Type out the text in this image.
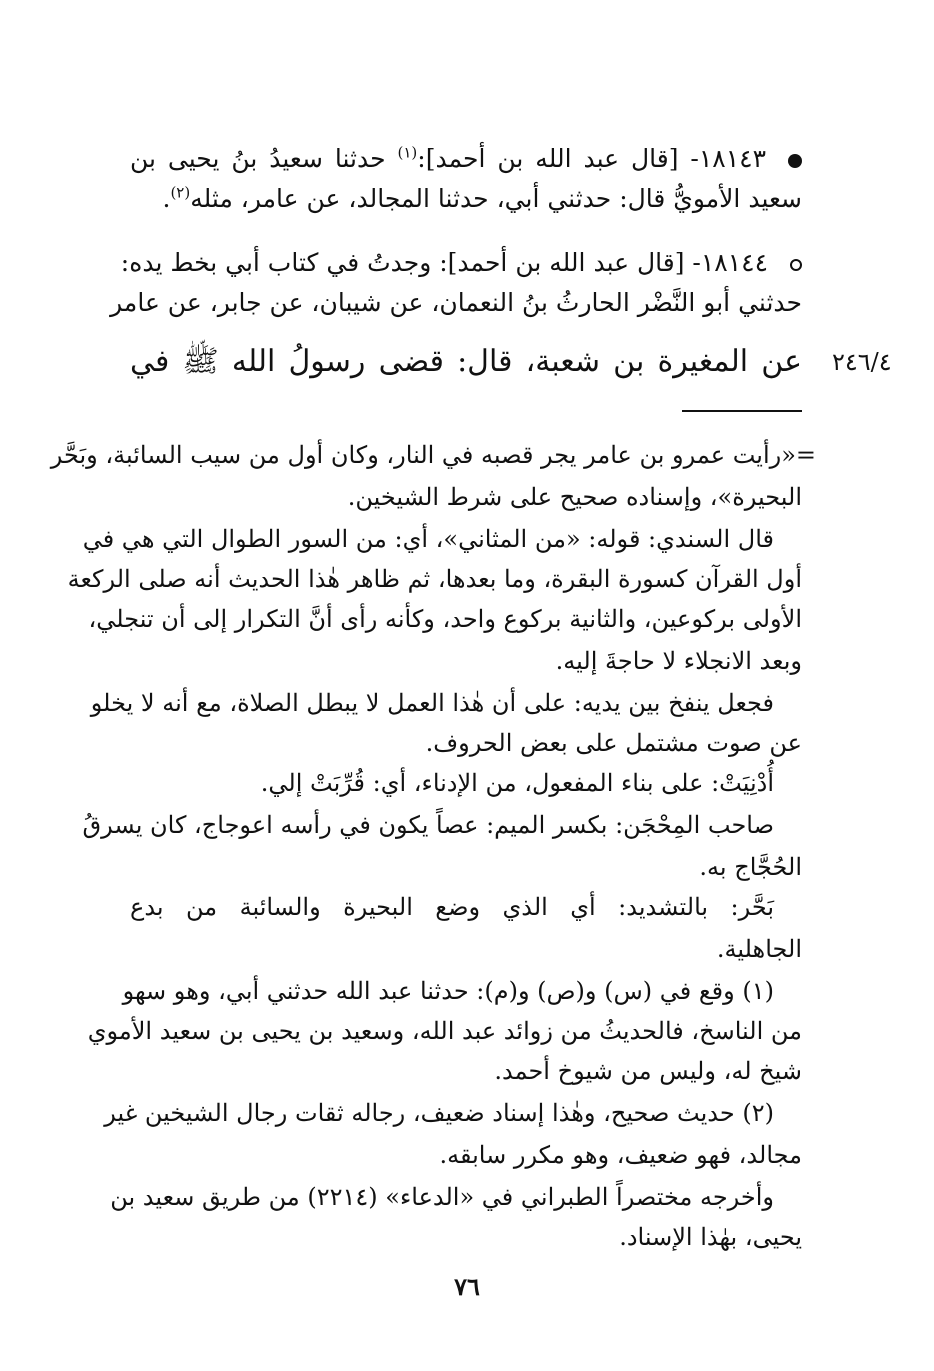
١٨١٤٣- [قال عبد الله بن أحمد]:$^{(١)}$ حدثنا سعيدُ بنُ يحيى بن
سعيد الأمويُّ قال: حدثني أبي، حدثنا المجالد، عن عامر، مثله$^{(٢)}$.
١٨١٤٤- [قال عبد الله بن أحمد]: وجدتُ في كتاب أبي بخط يده:
حدثني أبو النَّضْر الحارثُ بنُ النعمان، عن شيبان، عن جابر، عن عامر
عن المغيرة بن شعبة، قال: قضى رسولُ الله ﷺ في ٢٤٦/٤
=«رأيت عمرو بن عامر يجر قصبه في النار، وكان أول من سيب السائبة، وبَحَّر
البحيرة»، وإسناده صحيح على شرط الشيخين.
قال السندي: قوله: «من المثاني»، أي: من السور الطوال التي هي في
أول القرآن كسورة البقرة، وما بعدها، ثم ظاهر هٰذا الحديث أنه صلى الركعة
الأولى بركوعين، والثانية بركوع واحد، وكأنه رأى أنَّ التكرار إلى أن تنجلي،
وبعد الانجلاء لا حاجةَ إليه.
فجعل ينفخ بين يديه: على أن هٰذا العمل لا يبطل الصلاة، مع أنه لا يخلو
عن صوت مشتمل على بعض الحروف.
أُدْنِيَتْ: على بناء المفعول، من الإدناء، أي: قُرِّبَتْ إلي.
صاحب المِحْجَن: بكسر الميم: عصاً يكون في رأسه اعوجاج، كان يسرقُ
الحُجَّاج به.
بَحَّر: بالتشديد: أي الذي وضع البحيرة والسائبة من بدع
الجاهلية.
(١) وقع في (س) و(ص) و(م): حدثنا عبد الله حدثني أبي، وهو سهو
من الناسخ، فالحديثُ من زوائد عبد الله، وسعيد بن يحيى بن سعيد الأموي
شيخ له، وليس من شيوخ أحمد.
(٢) حديث صحيح، وهٰذا إسناد ضعيف، رجاله ثقات رجال الشيخين غير
مجالد، فهو ضعيف، وهو مكرر سابقه.
وأخرجه مختصراً الطبراني في «الدعاء» (٢٢١٤) من طريق سعيد بن
يحيى، بهٰذا الإسناد.
٧٦
